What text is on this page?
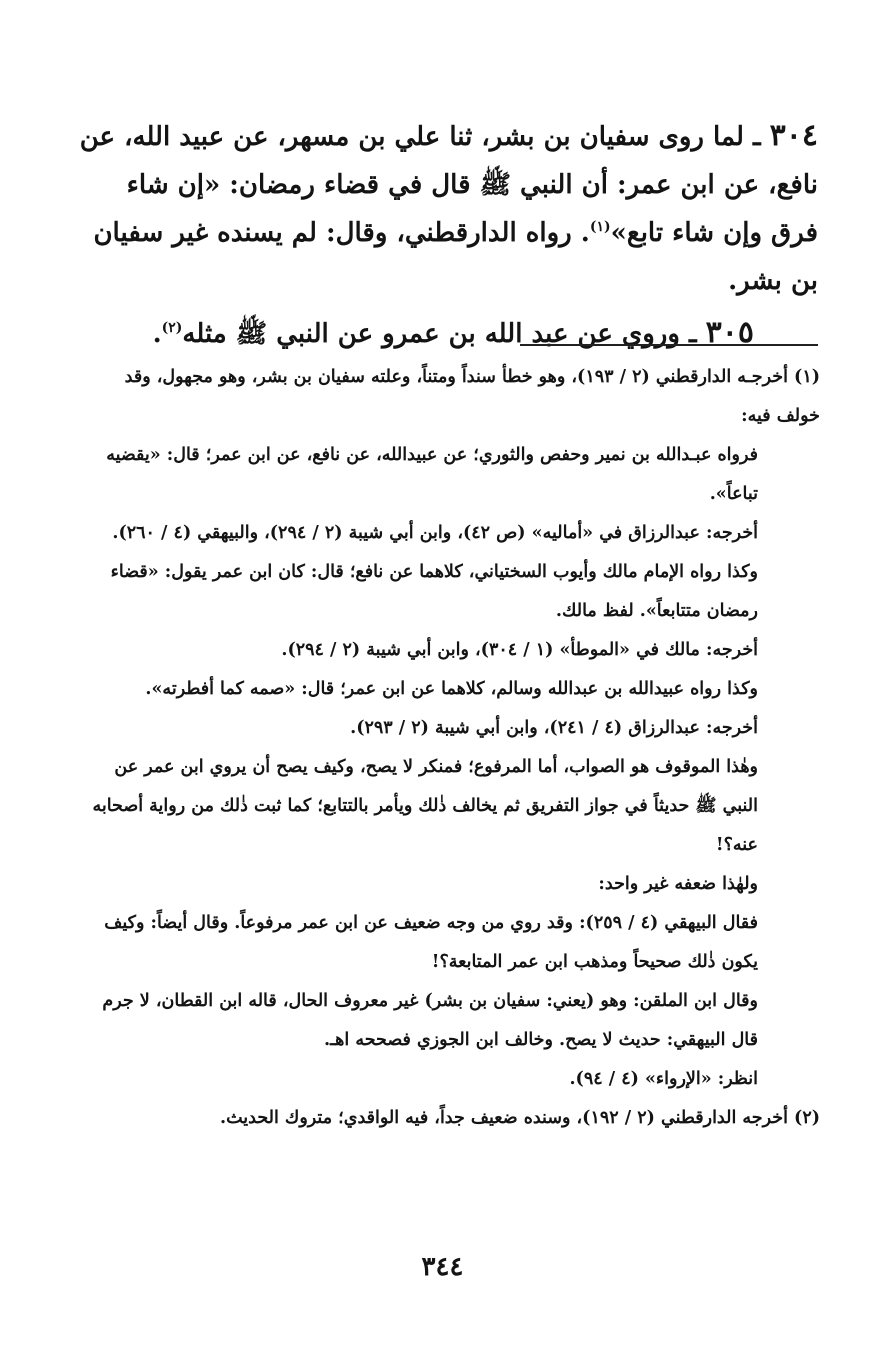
٣٠٤ ـ لما روى سفيان بن بشر، ثنا علي بن مسهر، عن عبيد الله، عن نافع، عن ابن عمر: أن النبي ﷺ قال في قضاء رمضان: «إن شاء فرق وإن شاء تابع»$^{(١)}$. رواه الدارقطني، وقال: لم يسنده غير سفيان بن بشر.

٣٠٥ ـ وروي عن عبد الله بن عمرو عن النبي ﷺ مثله$^{(٢)}$.

(١) أخرجـه الدارقطني (٢ / ١٩٣)، وهو خطأ سنداً ومتناً، وعلته سفيان بن بشر، وهو مجهول، وقد خولف فيه:

فرواه عبـدالله بن نمير وحفص والثوري؛ عن عبيدالله، عن نافع، عن ابن عمر؛ قال: «يقضيه تباعاً».

أخرجه: عبدالرزاق في «أماليه» (ص ٤٢)، وابن أبي شيبة (٢ / ٢٩٤)، والبيهقي (٤ / ٢٦٠).

وكذا رواه الإمام مالك وأيوب السختياني، كلاهما عن نافع؛ قال: كان ابن عمر يقول: «قضاء رمضان متتابعاً». لفظ مالك.

أخرجه: مالك في «الموطأ» (١ / ٣٠٤)، وابن أبي شيبة (٢ / ٢٩٤).

وكذا رواه عبيدالله بن عبدالله وسالم، كلاهما عن ابن عمر؛ قال: «صمه كما أفطرته».

أخرجه: عبدالرزاق (٤ / ٢٤١)، وابن أبي شيبة (٢ / ٢٩٣).

وهٰذا الموقوف هو الصواب، أما المرفوع؛ فمنكر لا يصح، وكيف يصح أن يروي ابن عمر عن النبي ﷺ حديثاً في جواز التفريق ثم يخالف ذٰلك ويأمر بالتتابع؛ كما ثبت ذٰلك من رواية أصحابه عنه؟!

ولهٰذا ضعفه غير واحد:

فقال البيهقي (٤ / ٢٥٩): وقد روي من وجه ضعيف عن ابن عمر مرفوعاً. وقال أيضاً: وكيف يكون ذٰلك صحيحاً ومذهب ابن عمر المتابعة؟!

وقال ابن الملقن: وهو (يعني: سفيان بن بشر) غير معروف الحال، قاله ابن القطان، لا جرم قال البيهقي: حديث لا يصح. وخالف ابن الجوزي فصححه اهـ.

انظر: «الإرواء» (٤ / ٩٤).

(٢) أخرجه الدارقطني (٢ / ١٩٢)، وسنده ضعيف جداً، فيه الواقدي؛ متروك الحديث.

٣٤٤
